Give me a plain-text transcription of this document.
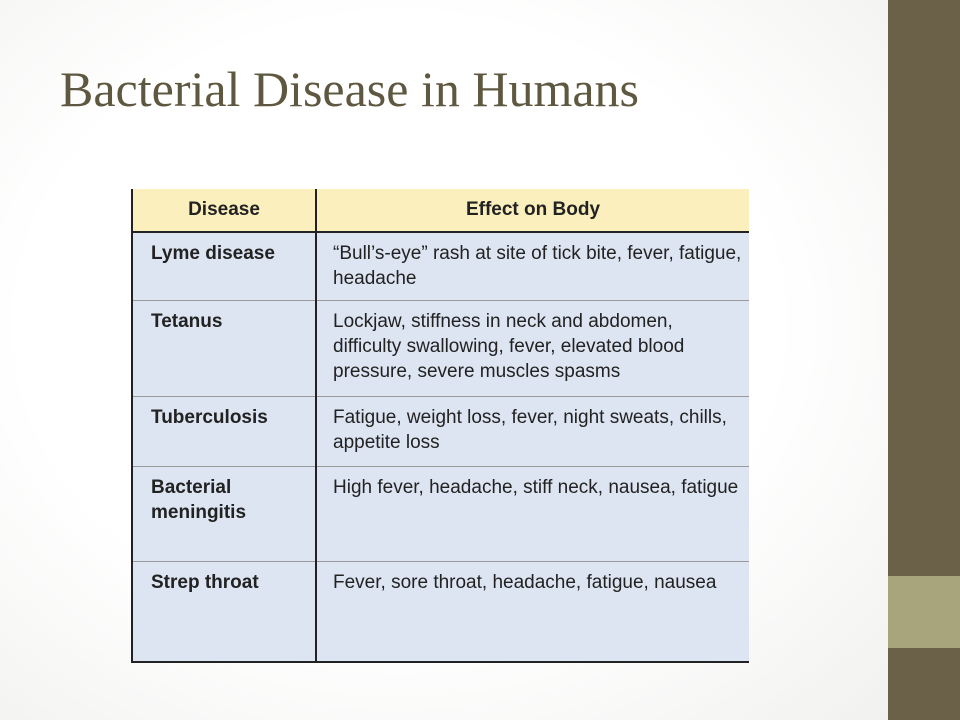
Bacterial Disease in Humans
Disease	Effect on Body
Lyme disease	“Bull’s-eye” rash at site of tick bite, fever, fatigue, headache
Tetanus	Lockjaw, stiffness in neck and abdomen, difficulty swallowing, fever, elevated blood pressure, severe muscles spasms
Tuberculosis	Fatigue, weight loss, fever, night sweats, chills, appetite loss
Bacterial meningitis	High fever, headache, stiff neck, nausea, fatigue
Strep throat	Fever, sore throat, headache, fatigue, nausea
